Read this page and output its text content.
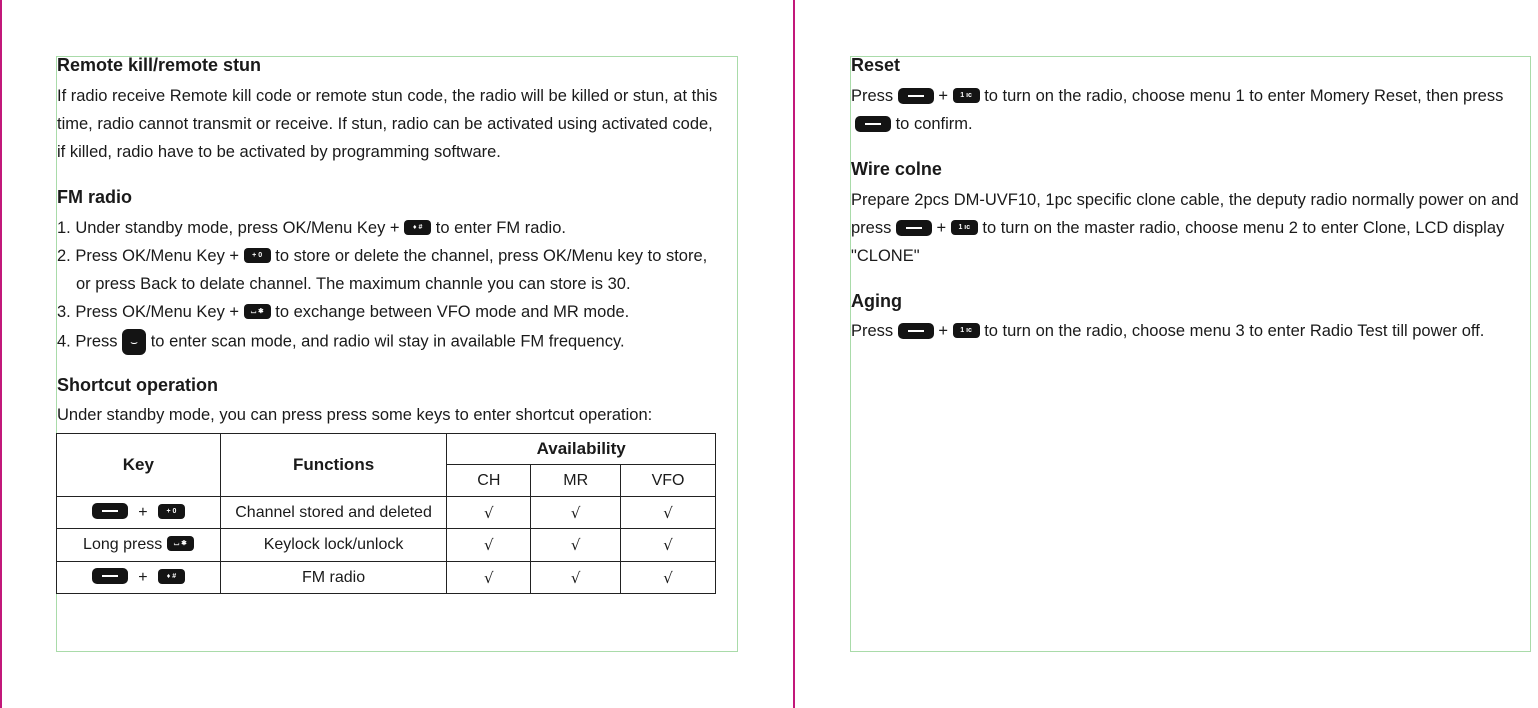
Remote kill/remote stun
If radio receive Remote kill code or remote stun code, the radio will be killed or stun, at this
time, radio cannot transmit or receive. If stun, radio can be activated using activated code,
if killed, radio have to be activated by programming software.
FM radio
1. Under standby mode, press OK/Menu Key + ♦ # to enter FM radio.
2. Press OK/Menu Key + + 0 to store or delete the channel, press OK/Menu key to store,
or press Back to delate channel. The maximum channle you can store is 30.
3. Press OK/Menu Key + ⌴ ✱ to exchange between VFO mode and MR mode.
4. Press ⌣ to enter scan mode, and radio wil stay in available FM frequency.
Shortcut operation
Under standby mode, you can press press some keys to enter shortcut operation:
Key	Functions	Availability		
		CH	MR	VFO
+ + 0	Channel stored and deleted	√	√	√
Long press ⌴ ✱	Keylock lock/unlock	√	√	√
+ ♦ #	FM radio	√	√	√
Reset
Press	+ 1 ıc to turn on the radio, choose menu 1 to enter Momery Reset, then press
to confirm.
Wire colne
Prepare 2pcs DM-UVF10, 1pc specific clone cable, the deputy radio normally power on and
press	+ 1 ıc to turn on the master radio, choose menu 2 to enter Clone, LCD display
"CLONE"
Aging
Press	+ 1 ıc to turn on the radio, choose menu 3 to enter Radio Test till power off.
